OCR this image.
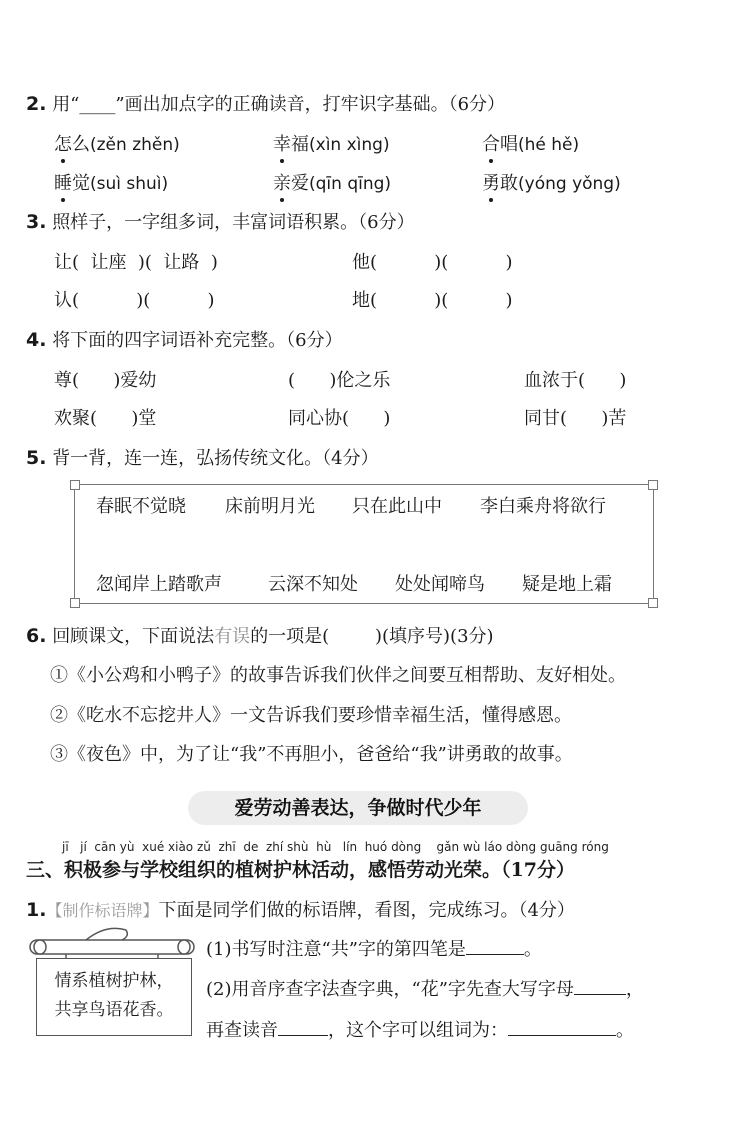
2. 用“____”画出加点字的正确读音，打牢识字基础。（6分）
怎么(zěn zhěn)	幸福(xìn xìng)	合唱(hé hě)
睡觉(suì shuì)	亲爱(qīn qīng)	勇敢(yóng yǒng)
3. 照样子，一字组多词，丰富词语积累。（6分）
让(  让座  )(  让路  )	他(          )(          )
认(          )(          )	地(          )(          )
4. 将下面的四字词语补充完整。（6分）
尊(      )爱幼	(      )伦之乐	血浓于(      )
欢聚(      )堂	同心协(      )	同甘(      )苦
5. 背一背，连一连，弘扬传统文化。（4分）
春眠不觉晓 床前明月光 只在此山中 李白乘舟将欲行
忽闻岸上踏歌声	云深不知处 处处闻啼鸟 疑是地上霜
6. 回顾课文，下面说法有误的一项是(        )(填序号)(3分)
①《小公鸡和小鸭子》的故事告诉我们伙伴之间要互相帮助、友好相处。
②《吃水不忘挖井人》一文告诉我们要珍惜幸福生活，懂得感恩。
③《夜色》中，为了让“我”不再胆小，爸爸给“我”讲勇敢的故事。
爱劳动善表达，争做时代少年
jī   jí  cān yù  xué xiào zǔ  zhī  de  zhí shù  hù   lín  huó dòng    gǎn wù láo dòng guāng róng
三、积极参与学校组织的植树护林活动，感悟劳动光荣。（17分）
1.【制作标语牌】下面是同学们做的标语牌，看图，完成练习。（4分）
情系植树护林，
共享鸟语花香。
(1)书写时注意“共”字的第四笔是	。
(2)用音序查字法查字典，“花”字先查大写字母	，
再查读音	，这个字可以组词为：	。
